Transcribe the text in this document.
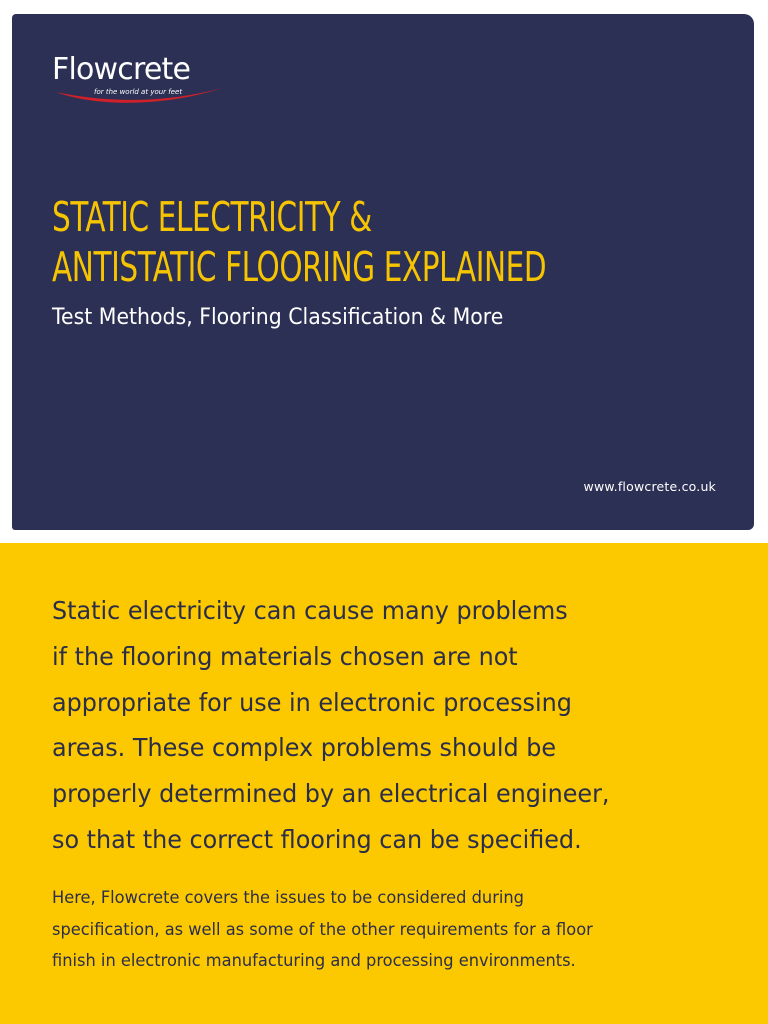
Flowcrete
for the world at your feet
STATIC ELECTRICITY &
ANTISTATIC FLOORING EXPLAINED
Test Methods, Flooring Classification & More
www.flowcrete.co.uk

Static electricity can cause many problems
if the flooring materials chosen are not
appropriate for use in electronic processing
areas. These complex problems should be
properly determined by an electrical engineer,
so that the correct flooring can be specified.

Here, Flowcrete covers the issues to be considered during
specification, as well as some of the other requirements for a floor
finish in electronic manufacturing and processing environments.
